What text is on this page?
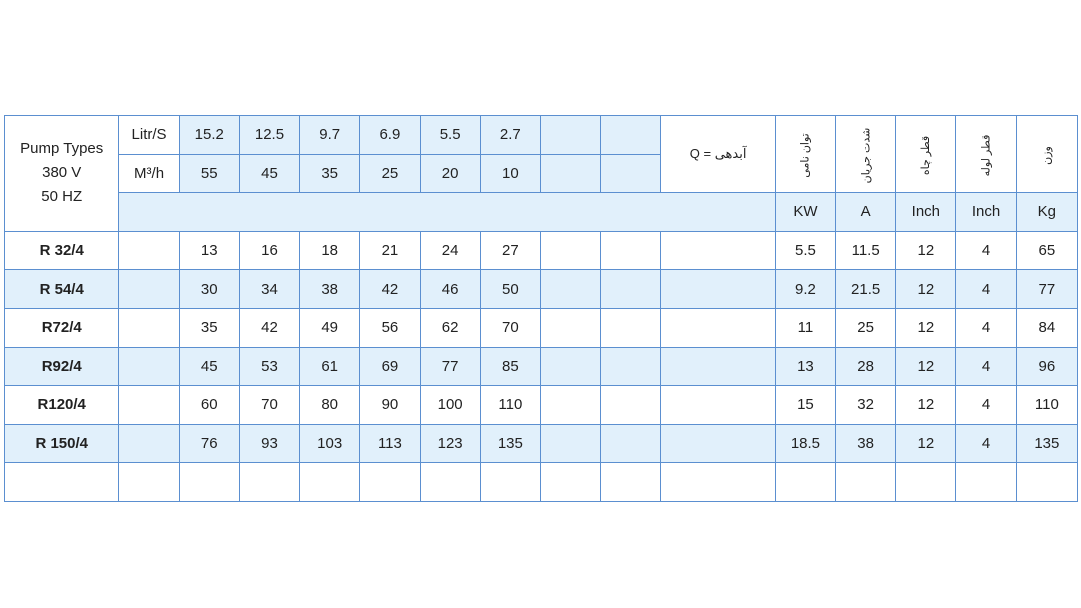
Pump Types
380 V
50 HZ	Litr/S	15.2	12.5	9.7	6.9	5.5	2.7			Q = آبدهی	توان نامی	شدت جریان	قطر چاه	قطر لوله	وزن
	M³/h	55	45	35	25	20	10								
											KW	A	Inch	Inch	Kg
R 32/4		13	16	18	21	24	27				5.5	11.5	12	4	65
R 54/4		30	34	38	42	46	50				9.2	21.5	12	4	77
R72/4		35	42	49	56	62	70				11	25	12	4	84
R92/4		45	53	61	69	77	85				13	28	12	4	96
R120/4		60	70	80	90	100	110				15	32	12	4	110
R 150/4		76	93	103	113	123	135				18.5	38	12	4	135
